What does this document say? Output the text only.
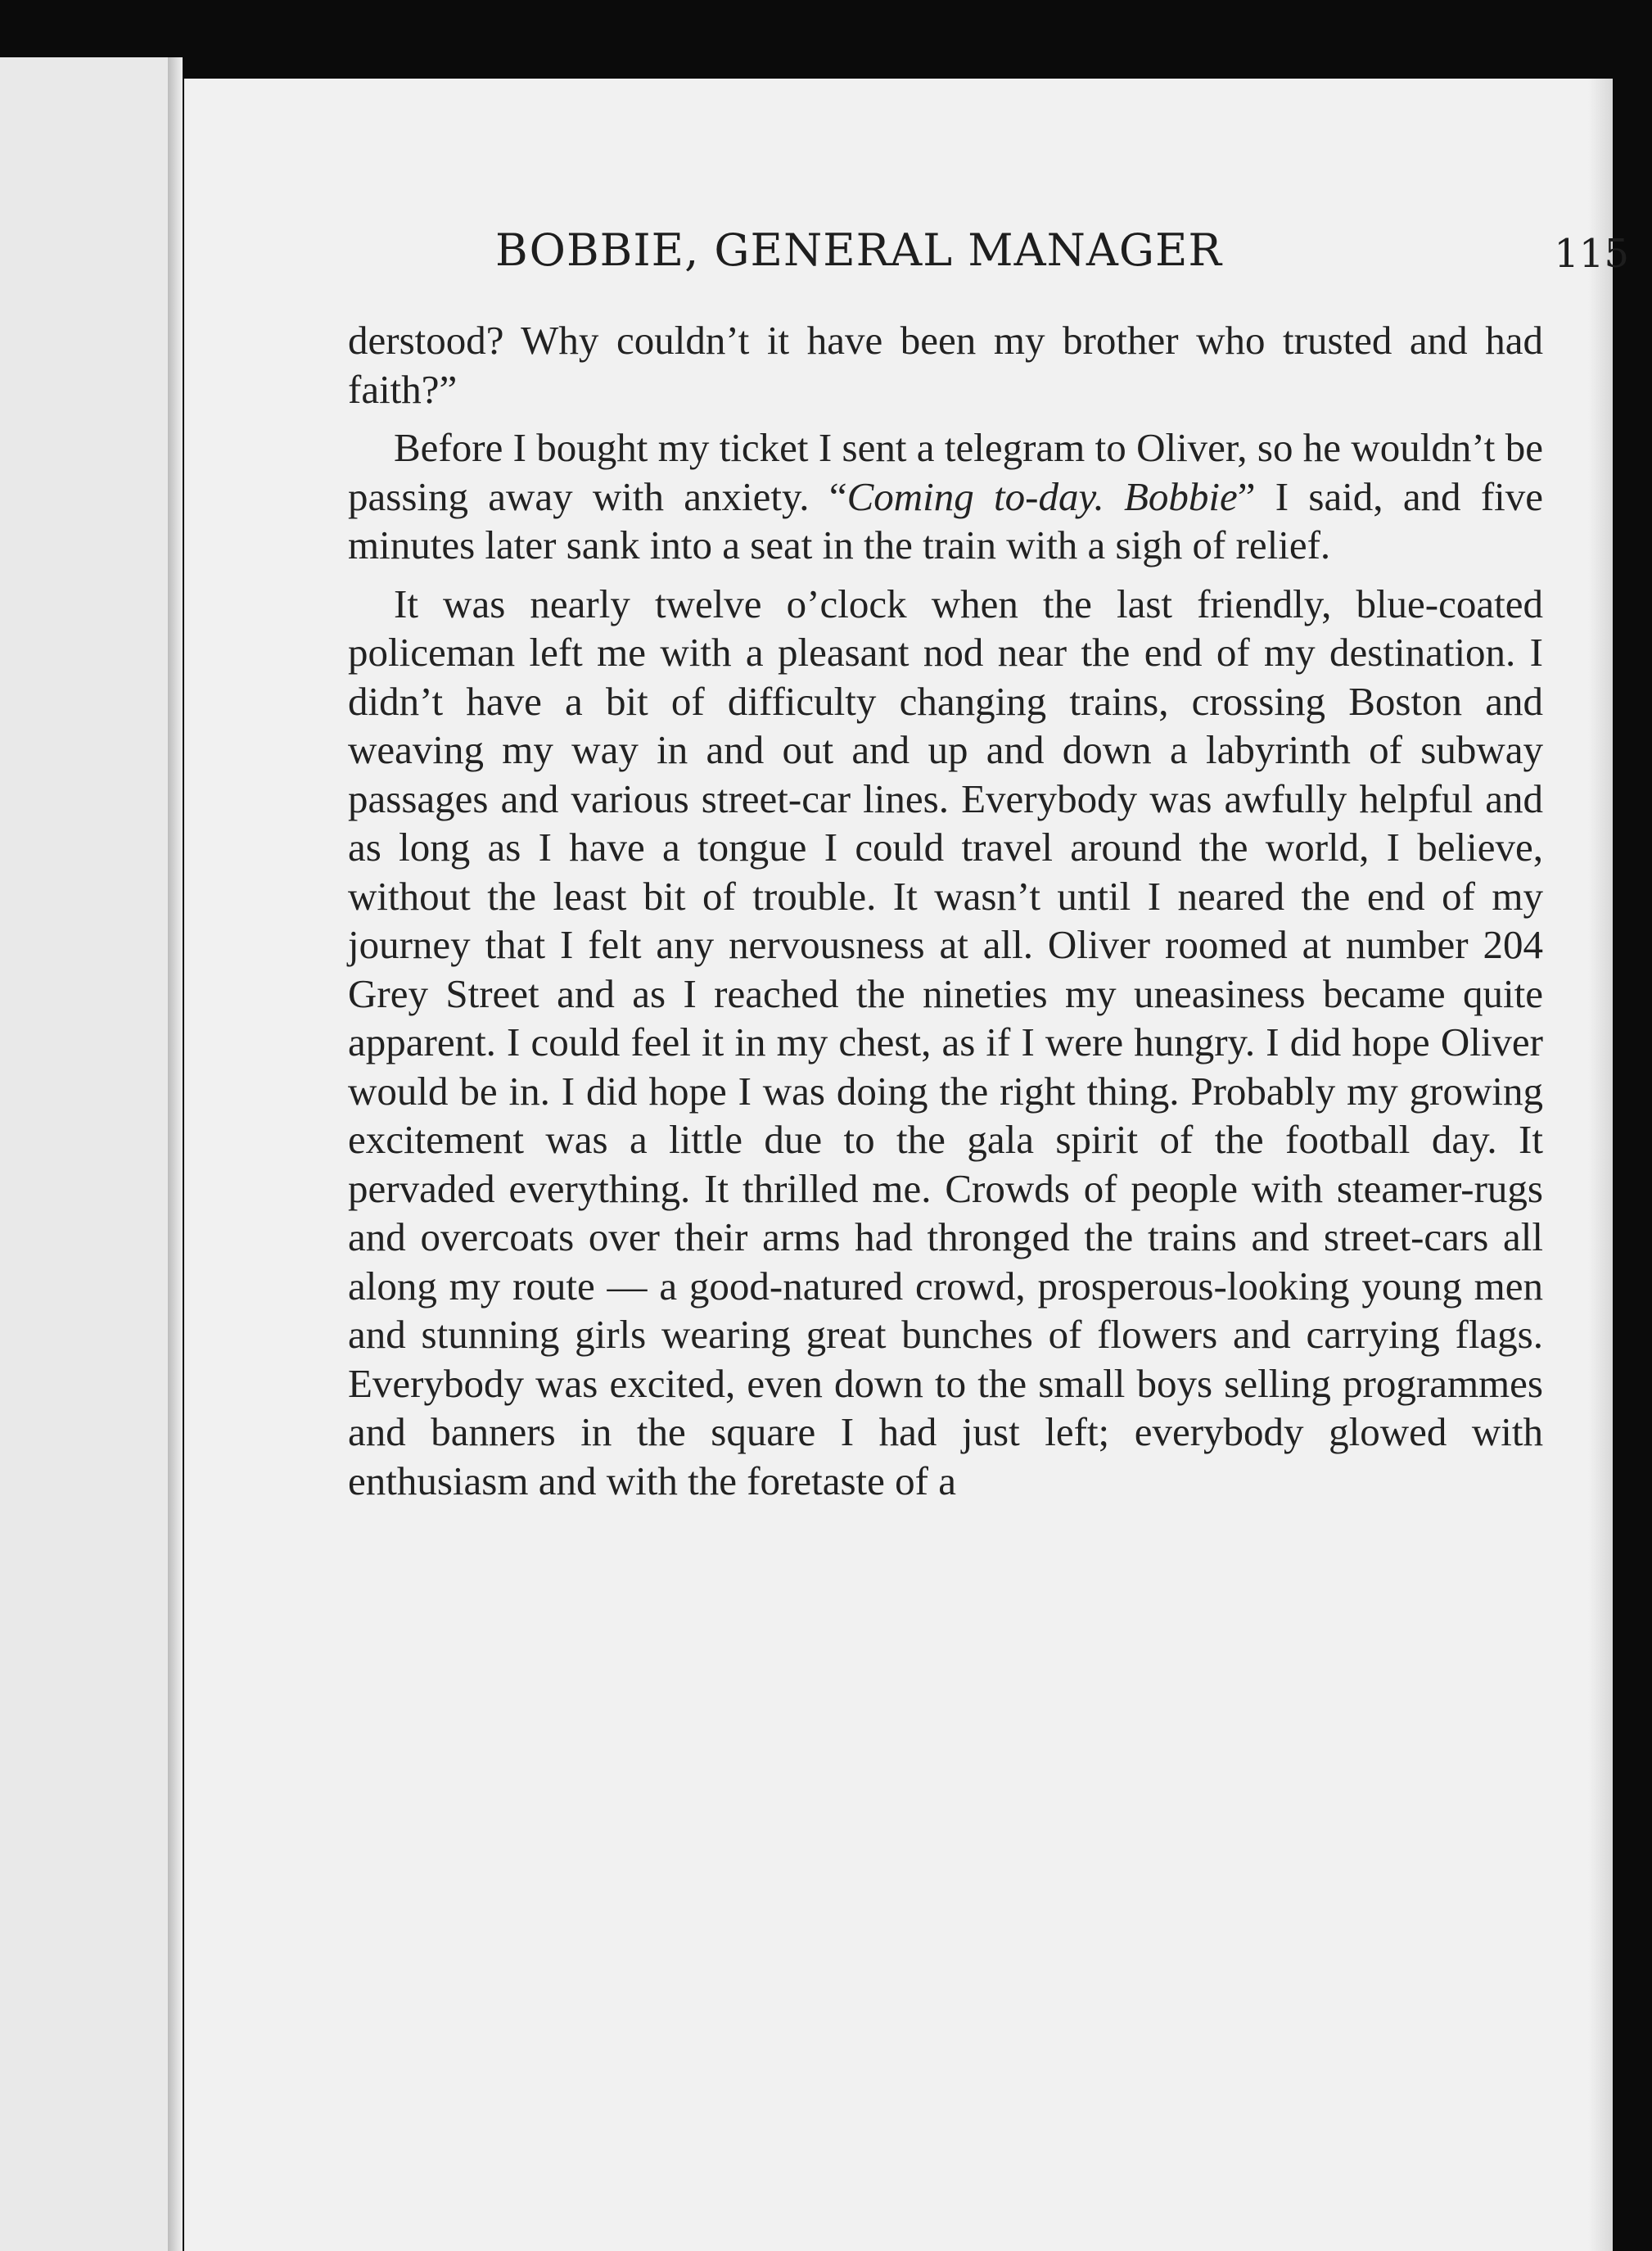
BOBBIE, GENERAL MANAGER	115

derstood? Why couldn’t it have been my brother who trusted and had faith?”

Before I bought my ticket I sent a telegram to Oliver, so he wouldn’t be passing away with anxiety. “Coming to-day. Bobbie” I said, and five minutes later sank into a seat in the train with a sigh of relief.

It was nearly twelve o’clock when the last friendly, blue-coated policeman left me with a pleasant nod near the end of my destination. I didn’t have a bit of difficulty changing trains, crossing Boston and weaving my way in and out and up and down a labyrinth of subway passages and various street-car lines. Everybody was awfully helpful and as long as I have a tongue I could travel around the world, I believe, without the least bit of trouble. It wasn’t until I neared the end of my journey that I felt any nervousness at all. Oliver roomed at number 204 Grey Street and as I reached the nineties my uneasiness became quite apparent. I could feel it in my chest, as if I were hungry. I did hope Oliver would be in. I did hope I was doing the right thing. Probably my growing excitement was a little due to the gala spirit of the football day. It pervaded everything. It thrilled me. Crowds of people with steamer-rugs and overcoats over their arms had thronged the trains and street-cars all along my route — a good-natured crowd, prosperous-looking young men and stunning girls wearing great bunches of flowers and carrying flags. Everybody was excited, even down to the small boys selling programmes and banners in the square I had just left; everybody glowed with enthusiasm and with the foretaste of a
